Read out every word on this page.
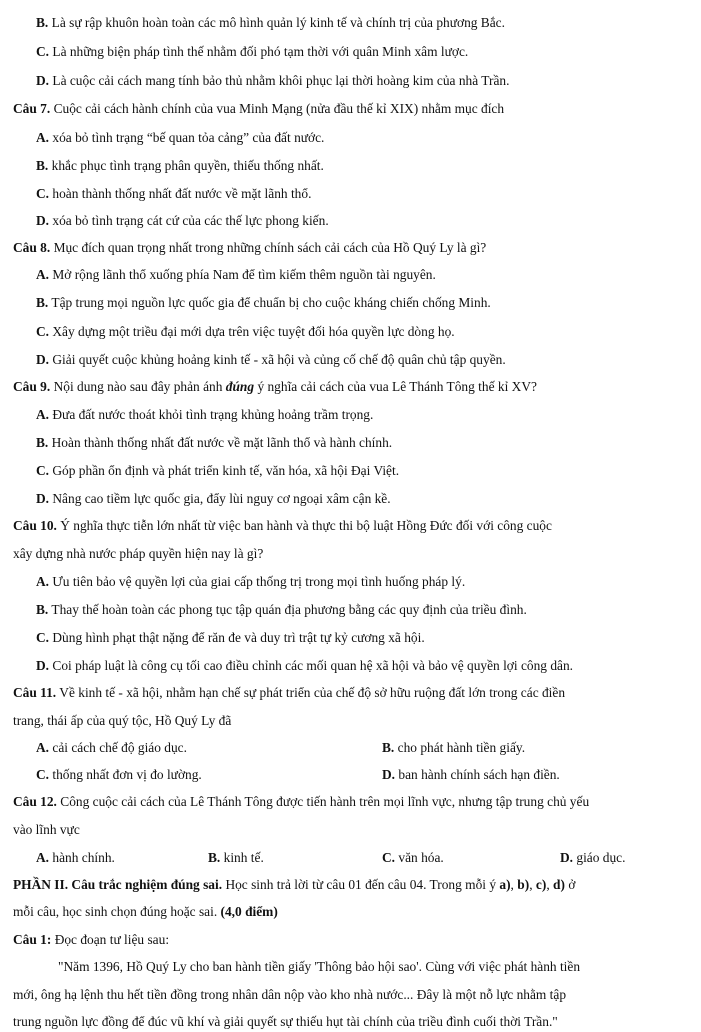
B. Là sự rập khuôn hoàn toàn các mô hình quản lý kinh tế và chính trị của phương Bắc.
C. Là những biện pháp tình thế nhằm đối phó tạm thời với quân Minh xâm lược.
D. Là cuộc cải cách mang tính bảo thủ nhằm khôi phục lại thời hoàng kim của nhà Trần.
Câu 7. Cuộc cải cách hành chính của vua Minh Mạng (nửa đầu thế kỉ XIX) nhằm mục đích
A. xóa bỏ tình trạng “bế quan tỏa cảng” của đất nước.
B. khắc phục tình trạng phân quyền, thiếu thống nhất.
C. hoàn thành thống nhất đất nước về mặt lãnh thổ.
D. xóa bỏ tình trạng cát cứ của các thế lực phong kiến.
Câu 8. Mục đích quan trọng nhất trong những chính sách cải cách của Hồ Quý Ly là gì?
A. Mở rộng lãnh thổ xuống phía Nam để tìm kiếm thêm nguồn tài nguyên.
B. Tập trung mọi nguồn lực quốc gia để chuẩn bị cho cuộc kháng chiến chống Minh.
C. Xây dựng một triều đại mới dựa trên việc tuyệt đối hóa quyền lực dòng họ.
D. Giải quyết cuộc khủng hoảng kinh tế - xã hội và củng cố chế độ quân chủ tập quyền.
Câu 9. Nội dung nào sau đây phản ánh đúng ý nghĩa cải cách của vua Lê Thánh Tông thế kỉ XV?
A. Đưa đất nước thoát khỏi tình trạng khủng hoảng trầm trọng.
B. Hoàn thành thống nhất đất nước về mặt lãnh thổ và hành chính.
C. Góp phần ổn định và phát triển kinh tế, văn hóa, xã hội Đại Việt.
D. Nâng cao tiềm lực quốc gia, đẩy lùi nguy cơ ngoại xâm cận kề.
Câu 10. Ý nghĩa thực tiễn lớn nhất từ việc ban hành và thực thi bộ luật Hồng Đức đối với công cuộc
xây dựng nhà nước pháp quyền hiện nay là gì?
A. Ưu tiên bảo vệ quyền lợi của giai cấp thống trị trong mọi tình huống pháp lý.
B. Thay thế hoàn toàn các phong tục tập quán địa phương bằng các quy định của triều đình.
C. Dùng hình phạt thật nặng để răn đe và duy trì trật tự kỷ cương xã hội.
D. Coi pháp luật là công cụ tối cao điều chỉnh các mối quan hệ xã hội và bảo vệ quyền lợi công dân.
Câu 11. Về kinh tế - xã hội, nhằm hạn chế sự phát triển của chế độ sở hữu ruộng đất lớn trong các điền
trang, thái ấp của quý tộc, Hồ Quý Ly đã
A. cải cách chế độ giáo dục.	B. cho phát hành tiền giấy.
C. thống nhất đơn vị đo lường.	D. ban hành chính sách hạn điền.
Câu 12. Công cuộc cải cách của Lê Thánh Tông được tiến hành trên mọi lĩnh vực, nhưng tập trung chủ yếu
vào lĩnh vực
A. hành chính.	B. kinh tế.	C. văn hóa.	D. giáo dục.
PHẦN II. Câu trắc nghiệm đúng sai. Học sinh trả lời từ câu 01 đến câu 04. Trong mỗi ý a), b), c), d) ở
mỗi câu, học sinh chọn đúng hoặc sai. (4,0 điểm)
Câu 1: Đọc đoạn tư liệu sau:
"Năm 1396, Hồ Quý Ly cho ban hành tiền giấy 'Thông bảo hội sao'. Cùng với việc phát hành tiền
mới, ông hạ lệnh thu hết tiền đồng trong nhân dân nộp vào kho nhà nước... Đây là một nỗ lực nhằm tập
trung nguồn lực đồng để đúc vũ khí và giải quyết sự thiếu hụt tài chính của triều đình cuối thời Trần."
